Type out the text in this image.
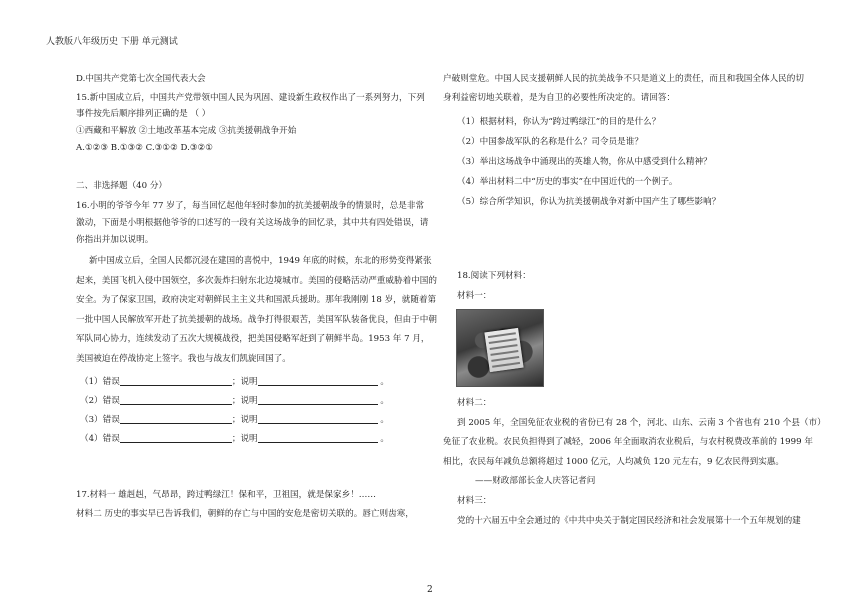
人教版八年级历史 下册 单元测试
D.中国共产党第七次全国代表大会
15.新中国成立后，中国共产党带领中国人民为巩固、建设新生政权作出了一系列努力，下列
事件按先后顺序排列正确的是 （ ）
①西藏和平解放 ②土地改革基本完成 ③抗美援朝战争开始
A.①②③ B.①③② C.③①② D.③②①
二、非选择题（40 分）
16.小明的爷爷今年 77 岁了，每当回忆起他年轻时参加的抗美援朝战争的情景时，总是非常
激动，下面是小明根据他爷爷的口述写的一段有关这场战争的回忆录，其中共有四处错误，请
你指出并加以说明。
新中国成立后，全国人民都沉浸在建国的喜悦中，1949 年底的时候，东北的形势变得紧张
起来，美国飞机入侵中国领空，多次轰炸扫射东北边境城市。美国的侵略活动严重威胁着中国的
安全。为了保家卫国，政府决定对朝鲜民主主义共和国派兵援助。那年我刚刚 18 岁，就随着第
一批中国人民解放军开赴了抗美援朝的战场。战争打得很艰苦，美国军队装备优良，但由于中朝
军队同心协力，连续发动了五次大规模战役，把美国侵略军赶到了朝鲜半岛。1953 年 7 月，
美国被迫在停战协定上签字。我也与战友们凯旋回国了。
（1）错误	；说明	。
（2）错误	；说明	。
（3）错误	；说明	。
（4）错误	；说明	。
17.材料一 雄赳赳，气昂昂，跨过鸭绿江！保和平，卫祖国，就是保家乡！……
材料二 历史的事实早已告诉我们，朝鲜的存亡与中国的安危是密切关联的。唇亡则齿寒，
户破则堂危。中国人民支援朝鲜人民的抗美战争不只是道义上的责任，而且和我国全体人民的切
身利益密切地关联着，是为自卫的必要性所决定的。请回答：
（1）根据材料，你认为“跨过鸭绿江”的目的是什么？
（2）中国参战军队的名称是什么？司令员是谁？
（3）举出这场战争中涌现出的英雄人物，你从中感受到什么精神？
（4）举出材料二中“历史的事实”在中国近代的一个例子。
（5）综合所学知识，你认为抗美援朝战争对新中国产生了哪些影响？
18.阅读下列材料：
材料一：
材料二：
到 2005 年，全国免征农业税的省份已有 28 个，河北、山东、云南 3 个省也有 210 个县（市）
免征了农业税。农民负担得到了减轻，2006 年全面取消农业税后，与农村税费改革前的 1999 年
相比，农民每年减负总额将超过 1000 亿元，人均减负 120 元左右，9 亿农民得到实惠。
——财政部部长金人庆答记者问
材料三：
党的十六届五中全会通过的《中共中央关于制定国民经济和社会发展第十一个五年规划的建
2
